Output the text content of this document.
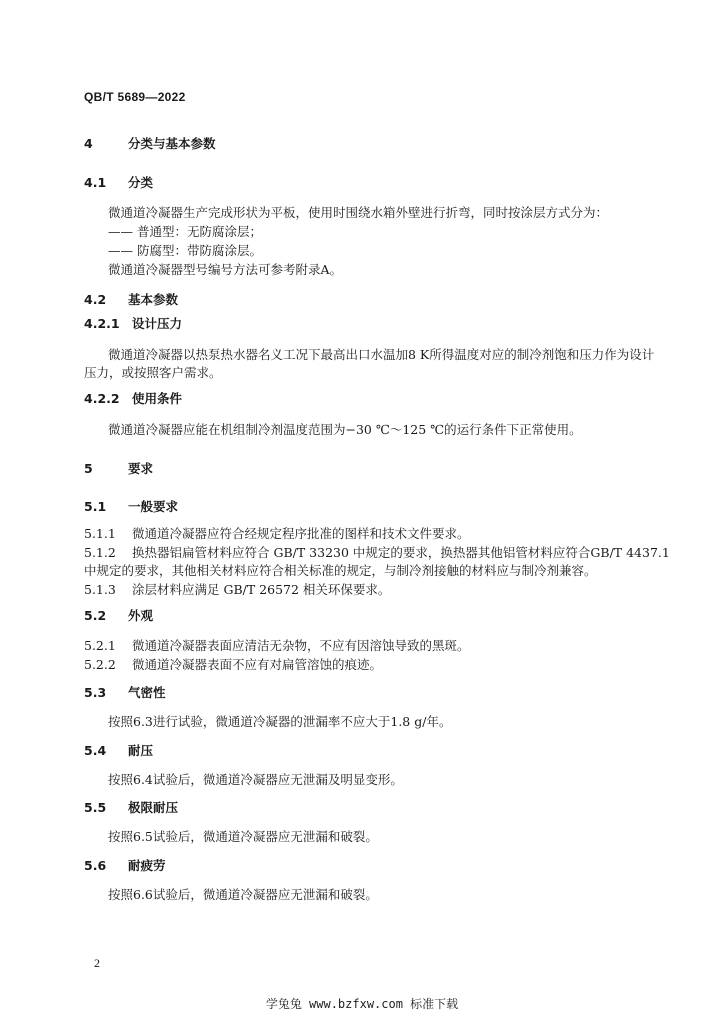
QB/T 5689—2022
4	分类与基本参数
4.1 分类
微通道冷凝器生产完成形状为平板，使用时围绕水箱外壁进行折弯，同时按涂层方式分为：
—— 普通型：无防腐涂层；
—— 防腐型：带防腐涂层。
微通道冷凝器型号编号方法可参考附录A。
4.2 基本参数
4.2.1 设计压力
微通道冷凝器以热泵热水器名义工况下最高出口水温加8 K所得温度对应的制冷剂饱和压力作为设计
压力，或按照客户需求。
4.2.2 使用条件
微通道冷凝器应能在机组制冷剂温度范围为−30 ℃～125 ℃的运行条件下正常使用。
5	要求
5.1 一般要求
5.1.1 微通道冷凝器应符合经规定程序批准的图样和技术文件要求。
5.1.2 换热器铝扁管材料应符合 GB/T 33230 中规定的要求，换热器其他铝管材料应符合GB/T 4437.1
中规定的要求，其他相关材料应符合相关标准的规定，与制冷剂接触的材料应与制冷剂兼容。
5.1.3 涂层材料应满足 GB/T 26572 相关环保要求。
5.2 外观
5.2.1 微通道冷凝器表面应清洁无杂物，不应有因溶蚀导致的黑斑。
5.2.2 微通道冷凝器表面不应有对扁管溶蚀的痕迹。
5.3 气密性
按照6.3进行试验，微通道冷凝器的泄漏率不应大于1.8 g/年。
5.4 耐压
按照6.4试验后，微通道冷凝器应无泄漏及明显变形。
5.5 极限耐压
按照6.5试验后，微通道冷凝器应无泄漏和破裂。
5.6 耐疲劳
按照6.6试验后，微通道冷凝器应无泄漏和破裂。
2
学兔兔 www.bzfxw.com 标准下载
